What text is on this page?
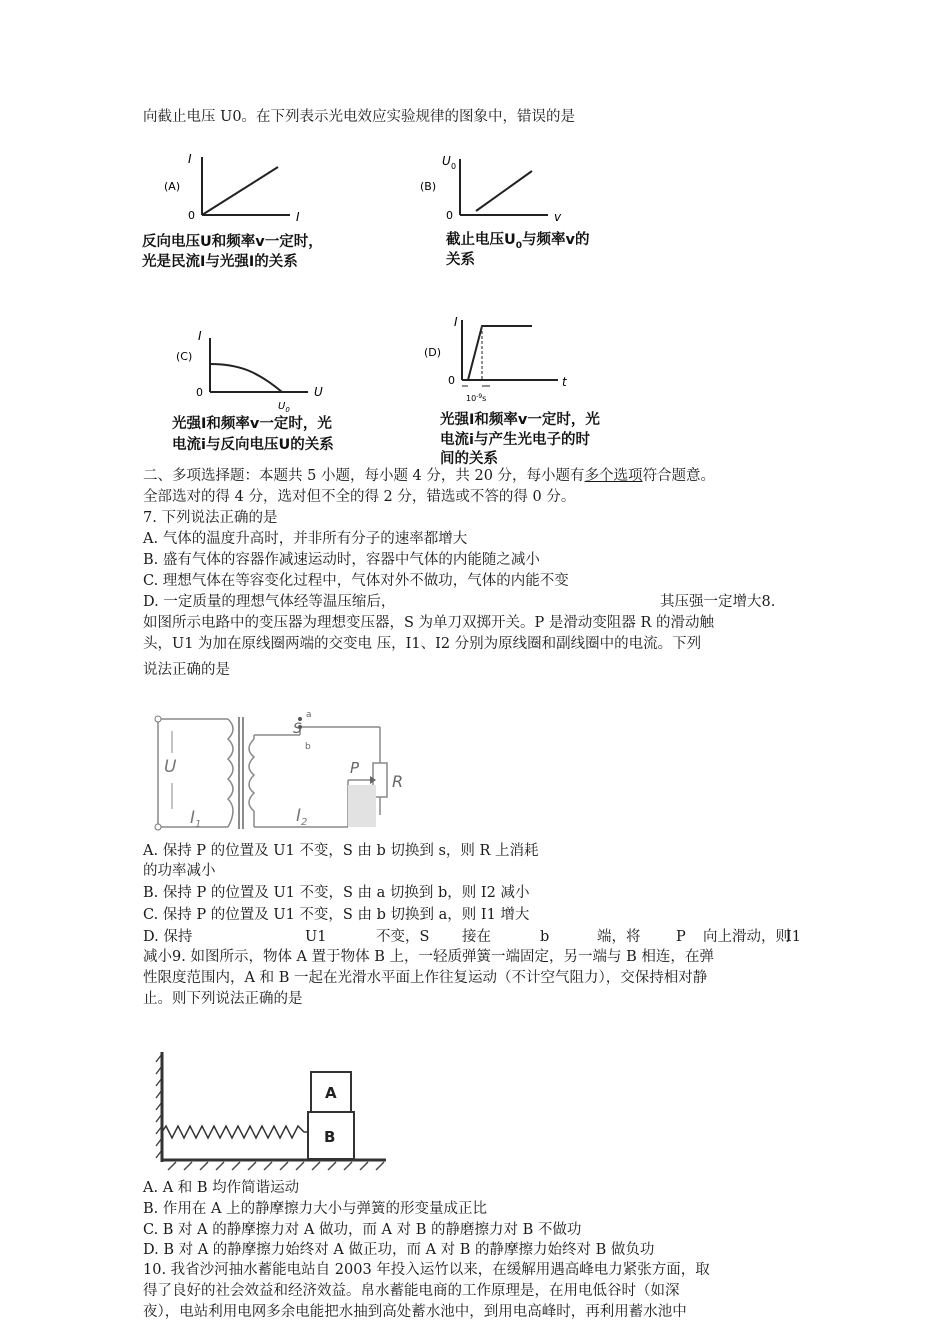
向截止电压 U0。在下列表示光电效应实验规律的图象中，错误的是
二、多项选择题：本题共 5 小题，每小题 4 分，共 20 分，每小题有多个选项符合题意。
全部选对的得 4 分，选对但不全的得 2 分，错选或不答的得 0 分。
7. 下列说法正确的是
A. 气体的温度升高时，并非所有分子的速率都增大
B. 盛有气体的容器作减速运动时，容器中气体的内能随之减小
C. 理想气体在等容变化过程中，气体对外不做功，气体的内能不变
D. 一定质量的理想气体经等温压缩后，	其压强一定增大8.
如图所示电路中的变压器为理想变压器，S 为单刀双掷开关。P 是滑动变阻器 R 的滑动触
头，U1 为加在原线圈两端的交变电 压，I1、I2 分别为原线圈和副线圈中的电流。下列
说法正确的是
A. 保持 P 的位置及 U1 不变，S 由 b 切换到 s，则 R 上消耗
的功率减小
B. 保持 P 的位置及 U1 不变，S 由 a 切换到 b，则 I2 减小
C. 保持 P 的位置及 U1 不变，S 由 b 切换到 a，则 I1 增大
D. 保持	U1	不变，S 接在	b	端，将 P 向上滑动，则
I1
减小9. 如图所示，物体 A 置于物体 B 上，一轻质弹簧一端固定，另一端与 B 相连，在弹
性限度范围内，A 和 B 一起在光滑水平面上作往复运动（不计空气阻力），交保持相对静
止。则下列说法正确的是
A. A 和 B 均作简谐运动
B. 作用在 A 上的静摩擦力大小与弹簧的形变量成正比
C. B 对 A 的静摩擦力对 A 做功，而 A 对 B 的静磨擦力对 B 不做功
D. B 对 A 的静摩擦力始终对 A 做正功，而 A 对 B 的静摩擦力始终对 B 做负功
10. 我省沙河抽水蓄能电站自 2003 年投入运竹以来，在缓解用遇高峰电力紧张方面，取
得了良好的社会效益和经济效益。帛水蓄能电商的工作原理是，在用电低谷时（如深
夜），电站利用电网多余电能把水抽到高处蓄水池中，到用电高峰时，再利用蓄水池中
(A)
I
I
0
反向电压U和频率v一定时，
光是民流I与光强I的关系
(B)
U 0
v
0
截止电压$U_0$与频率v的
关系
(C)
I
U
0
$U_0$
光强I和频率v一定时，光
电流i与反向电压U的关系
(D)
I
t
0
$10^{-9}s$
光强I和频率v一定时，光
电流i与产生光电子的时
间的关系
U
$I_1$	$I_2$
S
a
b
P
R
B
A
